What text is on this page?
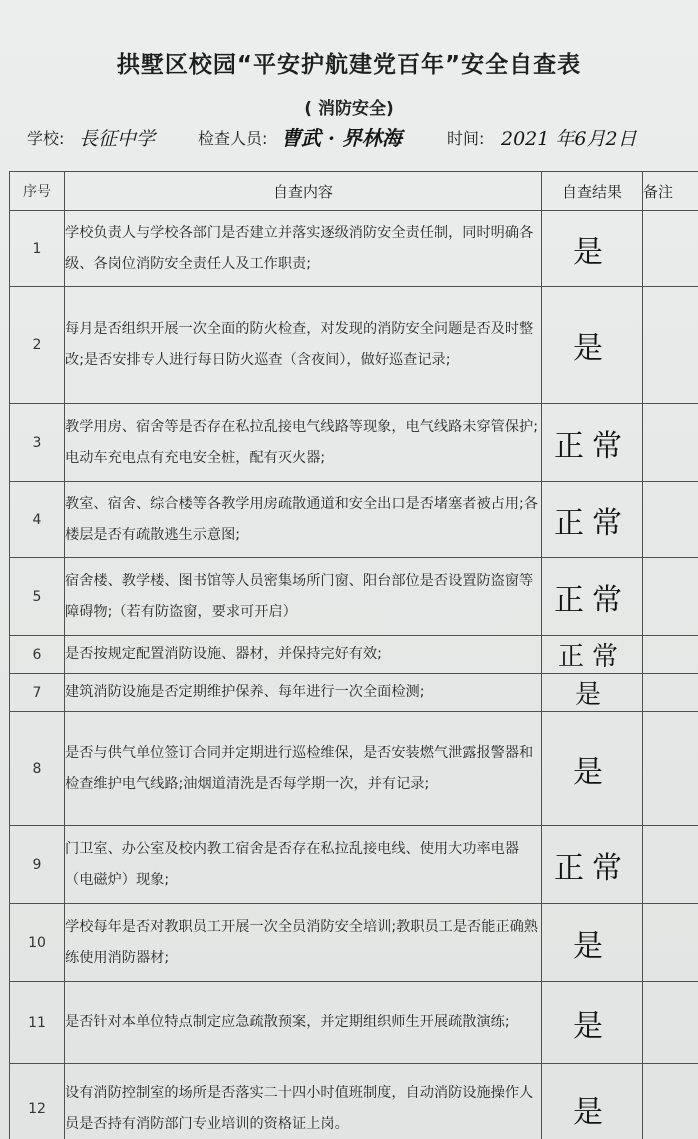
拱墅区校园“平安护航建党百年”安全自查表
( 消防安全)
学校: 長征中学	检查人员: 曹武 · 界林海	时间: 2021 年6月2日
序号	自查内容	自查结果	备注
1	学校负责人与学校各部门是否建立并落实逐级消防安全责任制，同时明确各级、各岗位消防安全责任人及工作职责;	是	
2	每月是否组织开展一次全面的防火检查，对发现的消防安全问题是否及时整改;是否安排专人进行每日防火巡查（含夜间），做好巡查记录;	是	
3	教学用房、宿舍等是否存在私拉乱接电气线路等现象，电气线路未穿管保护;电动车充电点有充电安全桩，配有灭火器;	正常	
4	教室、宿舍、综合楼等各教学用房疏散通道和安全出口是否堵塞者被占用;各楼层是否有疏散逃生示意图;	正常	
5	宿舍楼、教学楼、图书馆等人员密集场所门窗、阳台部位是否设置防盗窗等障碍物;（若有防盗窗，要求可开启）	正常	
6	是否按规定配置消防设施、器材，并保持完好有效;	正常	
7	建筑消防设施是否定期维护保养、每年进行一次全面检测;	是	
8	是否与供气单位签订合同并定期进行巡检维保，是否安装燃气泄露报警器和检查维护电气线路;油烟道清洗是否每学期一次，并有记录;	是	
9	门卫室、办公室及校内教工宿舍是否存在私拉乱接电线、使用大功率电器（电磁炉）现象;	正常	
10	学校每年是否对教职员工开展一次全员消防安全培训;教职员工是否能正确熟练使用消防器材;	是	
11	是否针对本单位特点制定应急疏散预案，并定期组织师生开展疏散演练;	是	
12	设有消防控制室的场所是否落实二十四小时值班制度，自动消防设施操作人员是否持有消防部门专业培训的资格证上岗。	是	
